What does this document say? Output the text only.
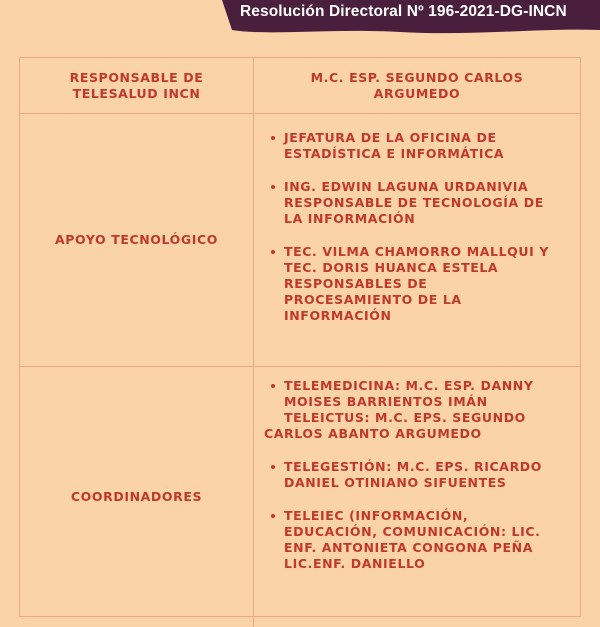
Resolución Directoral Nº 196-2021-DG-INCN
RESPONSABLE DE TELESALUD INCN
M.C. ESP. SEGUNDO CARLOS ARGUMEDO
APOYO TECNOLÓGICO
JEFATURA DE LA OFICINA DE ESTADÍSTICA E INFORMÁTICA
ING. EDWIN LAGUNA URDANIVIA RESPONSABLE DE TECNOLOGÍA DE LA INFORMACIÓN
TEC. VILMA CHAMORRO MALLQUI Y TEC. DORIS HUANCA ESTELA RESPONSABLES DE PROCESAMIENTO DE LA INFORMACIÓN
COORDINADORES
TELEMEDICINA: M.C. ESP. DANNY MOISES BARRIENTOS IMÁN
TELEICTUS: M.C. EPS. SEGUNDO
CARLOS ABANTO ARGUMEDO
TELEGESTIÓN: M.C. EPS. RICARDO DANIEL OTINIANO SIFUENTES
TELEIEC (INFORMACIÓN, EDUCACIÓN, COMUNICACIÓN: LIC. ENF. ANTONIETA CONGONA PEÑA LIC.ENF. DANIELLO
